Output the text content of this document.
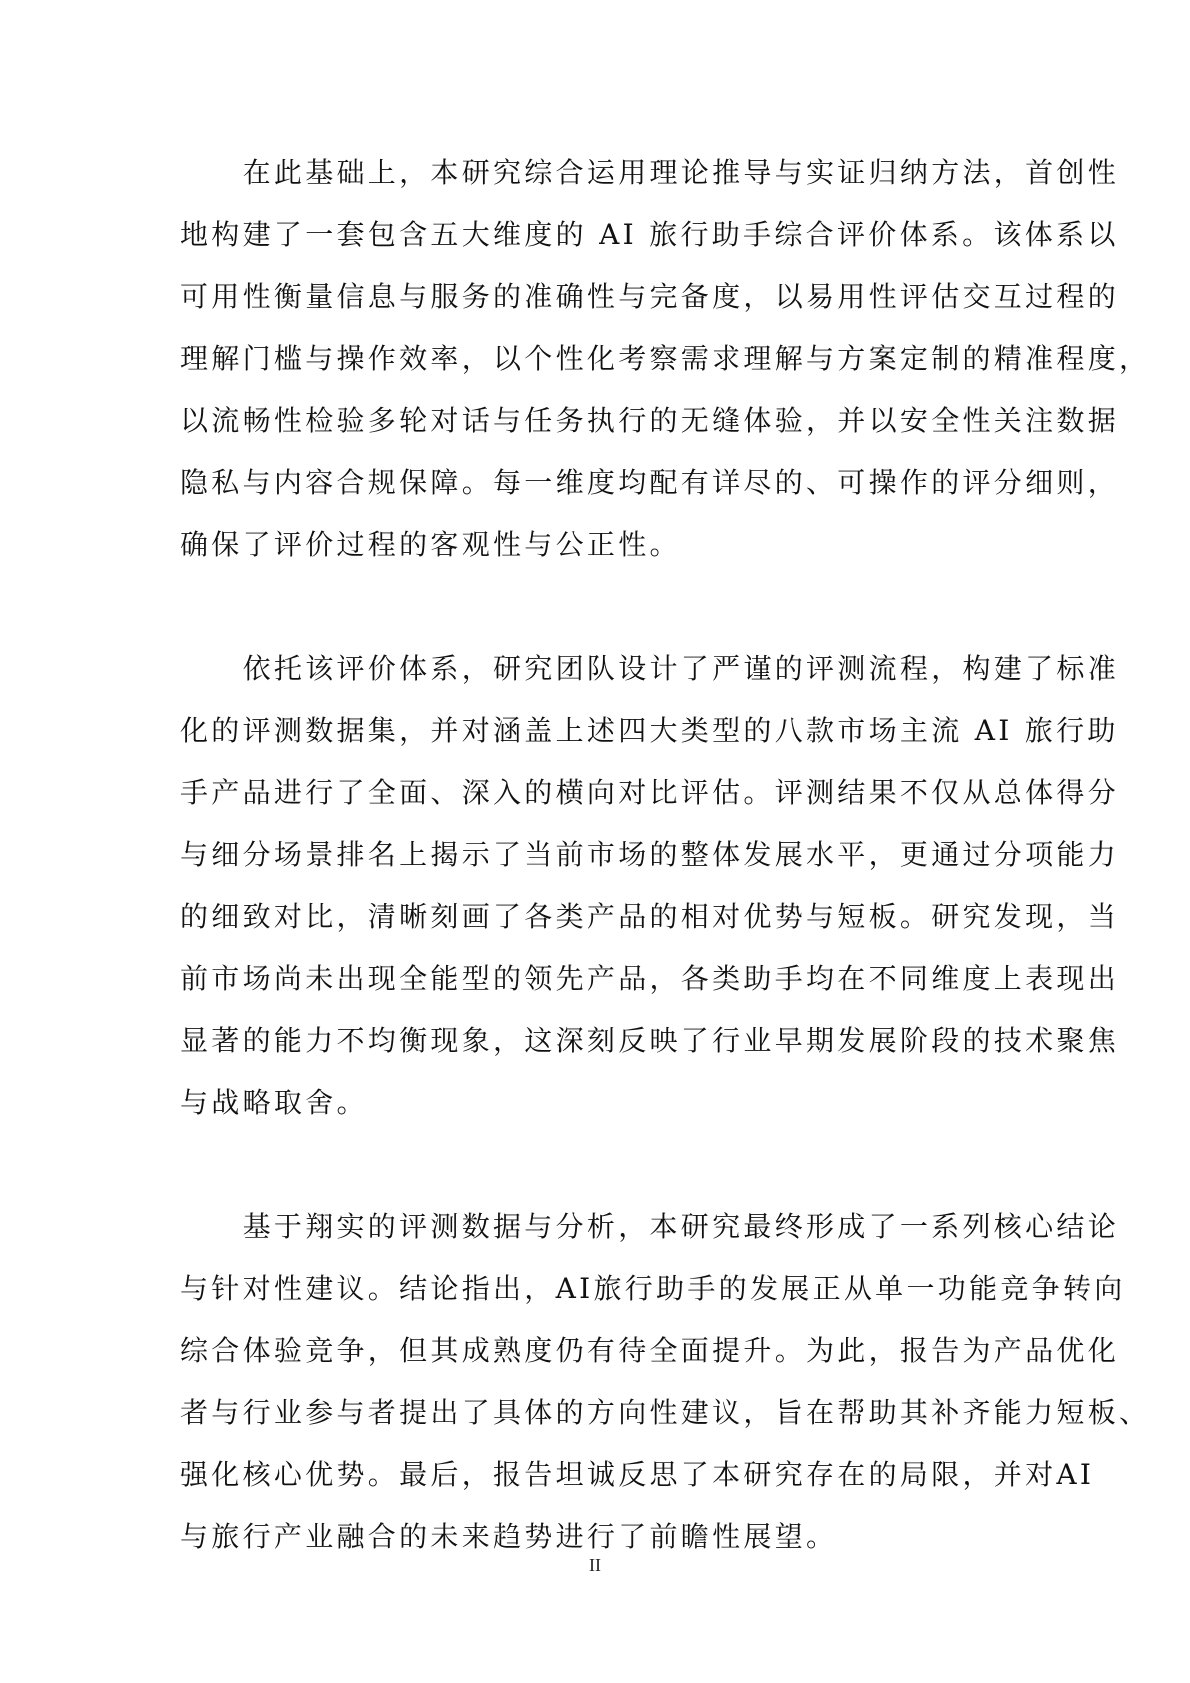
　　在此基础上，本研究综合运用理论推导与实证归纳方法，首创性
地构建了一套包含五大维度的 AI 旅行助手综合评价体系。该体系以
可用性衡量信息与服务的准确性与完备度，以易用性评估交互过程的
理解门槛与操作效率，以个性化考察需求理解与方案定制的精准程度，
以流畅性检验多轮对话与任务执行的无缝体验，并以安全性关注数据
隐私与内容合规保障。每一维度均配有详尽的、可操作的评分细则，
确保了评价过程的客观性与公正性。
　　依托该评价体系，研究团队设计了严谨的评测流程，构建了标准
化的评测数据集，并对涵盖上述四大类型的八款市场主流 AI 旅行助
手产品进行了全面、深入的横向对比评估。评测结果不仅从总体得分
与细分场景排名上揭示了当前市场的整体发展水平，更通过分项能力
的细致对比，清晰刻画了各类产品的相对优势与短板。研究发现，当
前市场尚未出现全能型的领先产品，各类助手均在不同维度上表现出
显著的能力不均衡现象，这深刻反映了行业早期发展阶段的技术聚焦
与战略取舍。
　　基于翔实的评测数据与分析，本研究最终形成了一系列核心结论
与针对性建议。结论指出，AI旅行助手的发展正从单一功能竞争转向
综合体验竞争，但其成熟度仍有待全面提升。为此，报告为产品优化
者与行业参与者提出了具体的方向性建议，旨在帮助其补齐能力短板、
强化核心优势。最后，报告坦诚反思了本研究存在的局限，并对AI
与旅行产业融合的未来趋势进行了前瞻性展望。
II
